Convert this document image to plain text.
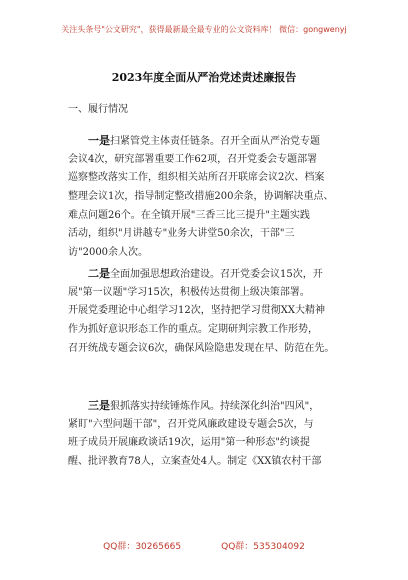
关注头条号"公文研究"，获得最新最全最专业的公文资料库！ 微信：gongwenyj
2023年度全面从严治党述责述廉报告
一、履行情况
一是扫紧管党主体责任链条。召开全面从严治党专题
会议4次，研究部署重要工作62项，召开党委会专题部署
巡察整改落实工作，组织相关站所召开联席会议2次、档案
整理会议1次，指导制定整改措施200余条，协调解决重点、
难点问题26个。在全镇开展"三香三比三提升"主题实践
活动，组织"月讲越专"业务大讲堂50余次，干部"三
访"2000余人次。
二是全面加强思想政治建设。召开党委会议15次，开
展"第一议题"学习15次，积极传达贯彻上级决策部署。
开展党委理论中心组学习12次，坚持把学习贯彻XX大精神
作为抓好意识形态工作的重点。定期研判宗教工作形势，
召开统战专题会议6次，确保风险隐患发现在早、防范在先。
三是狠抓落实持续锤炼作风。持续深化纠治"四风"，
紧盯"六型问题干部"，召开党风廉政建设专题会5次，与
班子成员开展廉政谈话19次，运用"第一种形态"约谈提
醒、批评教育78人，立案查处4人。制定《XX镇农村干部
QQ群：30265665	QQ群：535304092
